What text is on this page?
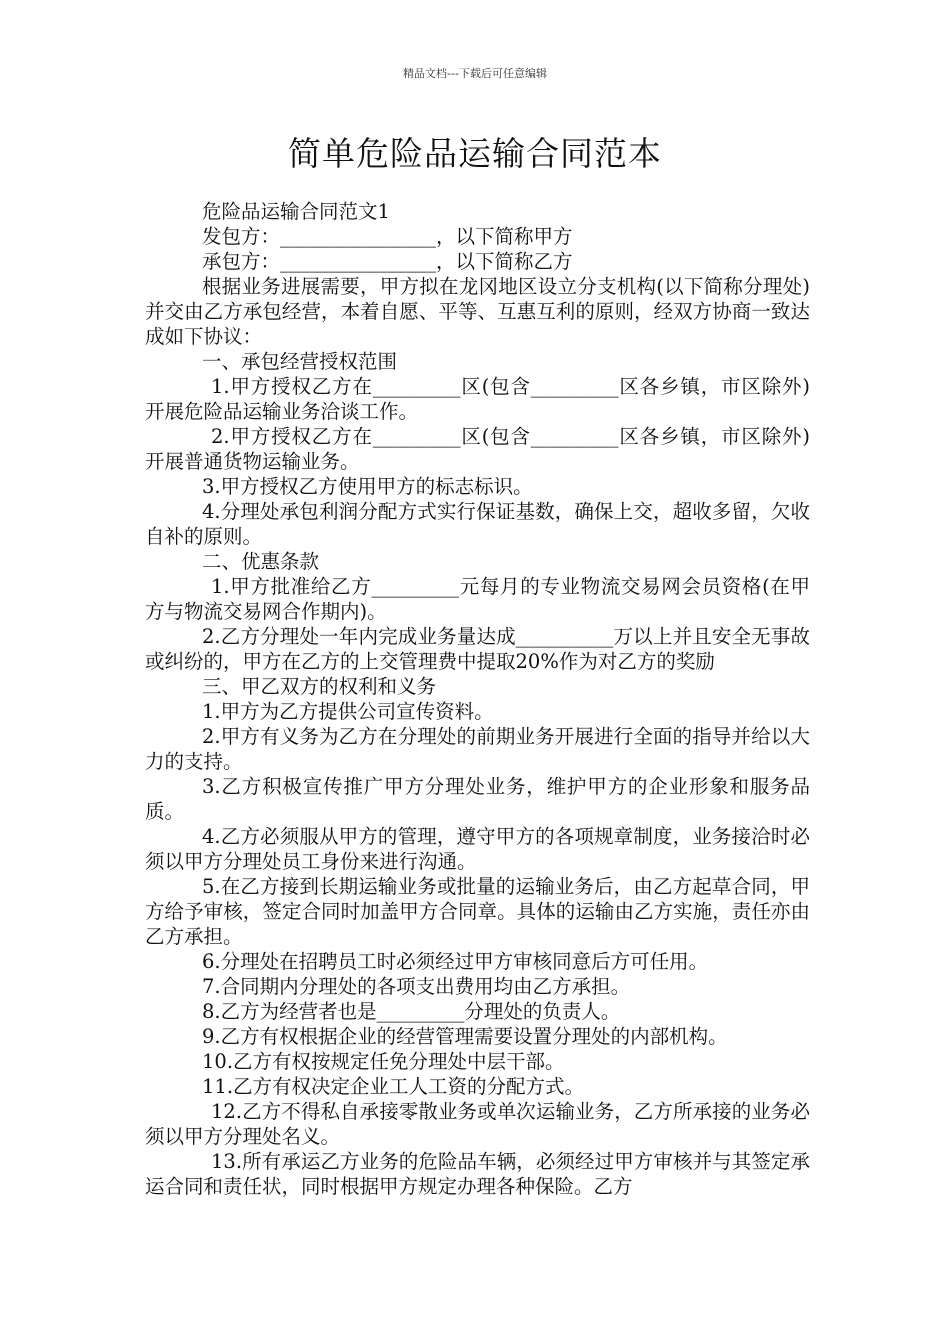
精品文档---下载后可任意编辑
简单危险品运输合同范本

危险品运输合同范文1

发包方：________________，以下简称甲方

承包方：________________，以下简称乙方

根据业务进展需要，甲方拟在龙冈地区设立分支机构(以下简称分理处)并交由乙方承包经营，本着自愿、平等、互惠互利的原则，经双方协商一致达成如下协议：

一、承包经营授权范围

1.甲方授权乙方在_________区(包含_________区各乡镇，市区除外)开展危险品运输业务洽谈工作。

2.甲方授权乙方在_________区(包含_________区各乡镇，市区除外)开展普通货物运输业务。

3.甲方授权乙方使用甲方的标志标识。

4.分理处承包利润分配方式实行保证基数，确保上交，超收多留，欠收自补的原则。

二、优惠条款

1.甲方批准给乙方_________元每月的专业物流交易网会员资格(在甲方与物流交易网合作期内)。

2.乙方分理处一年内完成业务量达成__________万以上并且安全无事故或纠纷的，甲方在乙方的上交管理费中提取20%作为对乙方的奖励

三、甲乙双方的权利和义务

1.甲方为乙方提供公司宣传资料。

2.甲方有义务为乙方在分理处的前期业务开展进行全面的指导并给以大力的支持。

3.乙方积极宣传推广甲方分理处业务，维护甲方的企业形象和服务品质。

4.乙方必须服从甲方的管理，遵守甲方的各项规章制度，业务接洽时必须以甲方分理处员工身份来进行沟通。

5.在乙方接到长期运输业务或批量的运输业务后，由乙方起草合同，甲方给予审核，签定合同时加盖甲方合同章。具体的运输由乙方实施，责任亦由乙方承担。

6.分理处在招聘员工时必须经过甲方审核同意后方可任用。

7.合同期内分理处的各项支出费用均由乙方承担。

8.乙方为经营者也是_________分理处的负责人。

9.乙方有权根据企业的经营管理需要设置分理处的内部机构。

10.乙方有权按规定任免分理处中层干部。

11.乙方有权决定企业工人工资的分配方式。

12.乙方不得私自承接零散业务或单次运输业务，乙方所承接的业务必须以甲方分理处名义。

13.所有承运乙方业务的危险品车辆，必须经过甲方审核并与其签定承运合同和责任状，同时根据甲方规定办理各种保险。乙方
